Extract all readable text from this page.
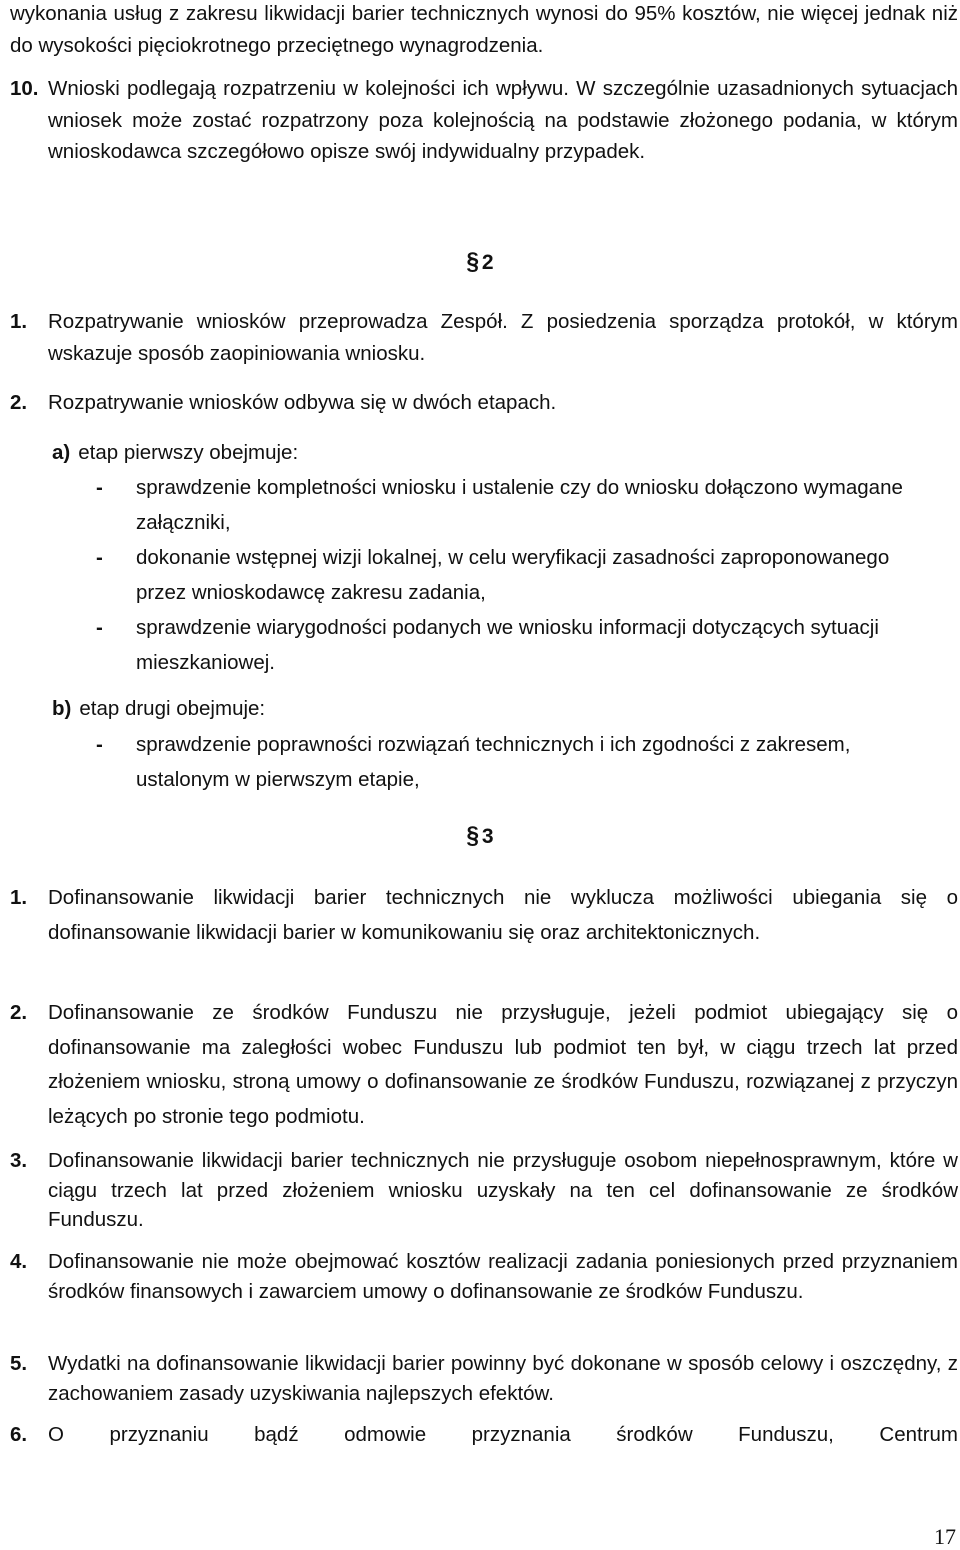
wykonania usług z zakresu likwidacji barier technicznych wynosi do 95% kosztów, nie więcej jednak niż do wysokości pięciokrotnego przeciętnego wynagrodzenia.

10. Wnioski podlegają rozpatrzeniu w kolejności ich wpływu. W szczególnie uzasadnionych sytuacjach wniosek może zostać rozpatrzony poza kolejnością na podstawie złożonego podania, w którym wnioskodawca szczegółowo opisze swój indywidualny przypadek.
§ 2
1. Rozpatrywanie wniosków przeprowadza Zespół. Z posiedzenia sporządza protokół, w którym wskazuje sposób zaopiniowania wniosku.
2. Rozpatrywanie wniosków odbywa się w dwóch etapach.

a) etap pierwszy obejmuje:

- sprawdzenie kompletności wniosku i ustalenie czy do wniosku dołączono wymagane załączniki,
- dokonanie wstępnej wizji lokalnej, w celu weryfikacji zasadności zaproponowanego przez wnioskodawcę zakresu zadania,
- sprawdzenie wiarygodności podanych we wniosku informacji dotyczących sytuacji mieszkaniowej.

b) etap drugi obejmuje:

- sprawdzenie poprawności rozwiązań technicznych i ich zgodności z zakresem, ustalonym w pierwszym etapie,
§ 3
1. Dofinansowanie likwidacji barier technicznych nie wyklucza możliwości ubiegania się o dofinansowanie likwidacji barier w komunikowaniu się oraz architektonicznych.
2. Dofinansowanie ze środków Funduszu nie przysługuje, jeżeli podmiot ubiegający się o dofinansowanie ma zaległości wobec Funduszu lub podmiot ten był, w ciągu trzech lat przed złożeniem wniosku, stroną umowy o dofinansowanie ze środków Funduszu, rozwiązanej z przyczyn leżących po stronie tego podmiotu.
3. Dofinansowanie likwidacji barier technicznych nie przysługuje osobom niepełnosprawnym, które w ciągu trzech lat przed złożeniem wniosku uzyskały na ten cel dofinansowanie ze środków Funduszu.
4. Dofinansowanie nie może obejmować kosztów realizacji zadania poniesionych przed przyznaniem środków finansowych i zawarciem umowy o dofinansowanie ze środków Funduszu.
5. Wydatki na dofinansowanie likwidacji barier powinny być dokonane w sposób celowy i oszczędny, z zachowaniem zasady uzyskiwania najlepszych efektów.
6. O przyznaniu bądź odmowie przyznania środków Funduszu, Centrum
17
